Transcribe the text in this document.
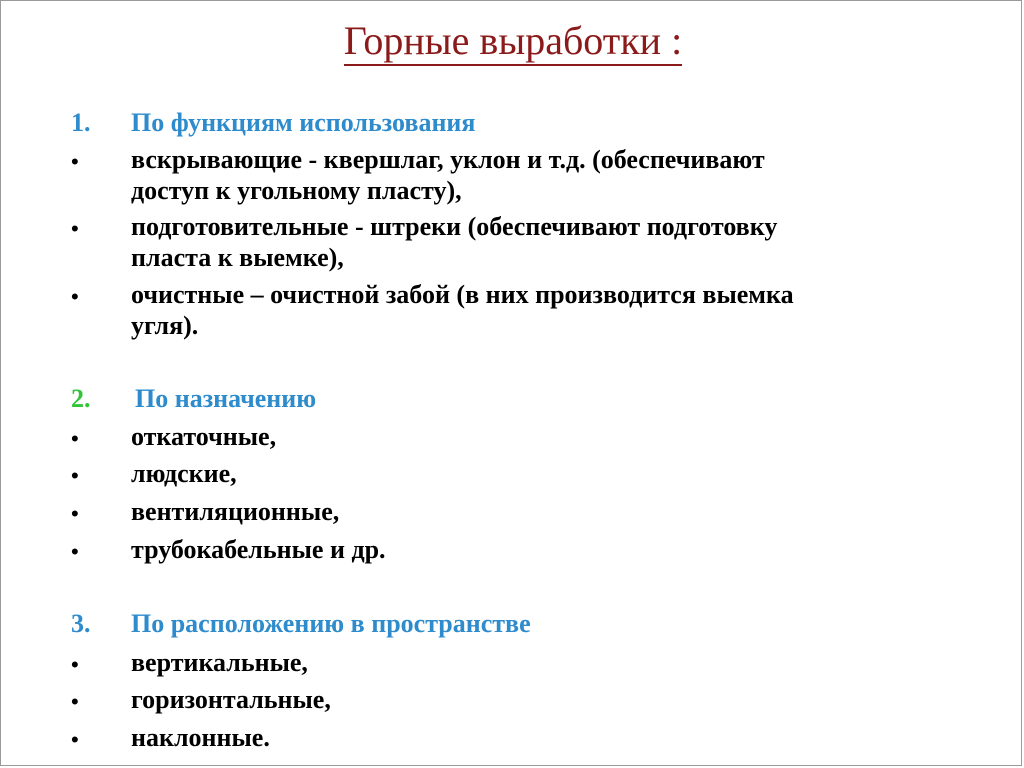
Горные выработки :
1. По функциям использования
• вскрывающие - квершлаг, уклон и т.д. (обеспечивают
доступ к угольному пласту),
• подготовительные - штреки (обеспечивают подготовку
пласта к выемке),
• очистные – очистной забой (в них производится выемка
угля).
2. По назначению
• откаточные,
• людские,
• вентиляционные,
• трубокабельные и др.
3. По расположению в пространстве
• вертикальные,
• горизонтальные,
• наклонные.
